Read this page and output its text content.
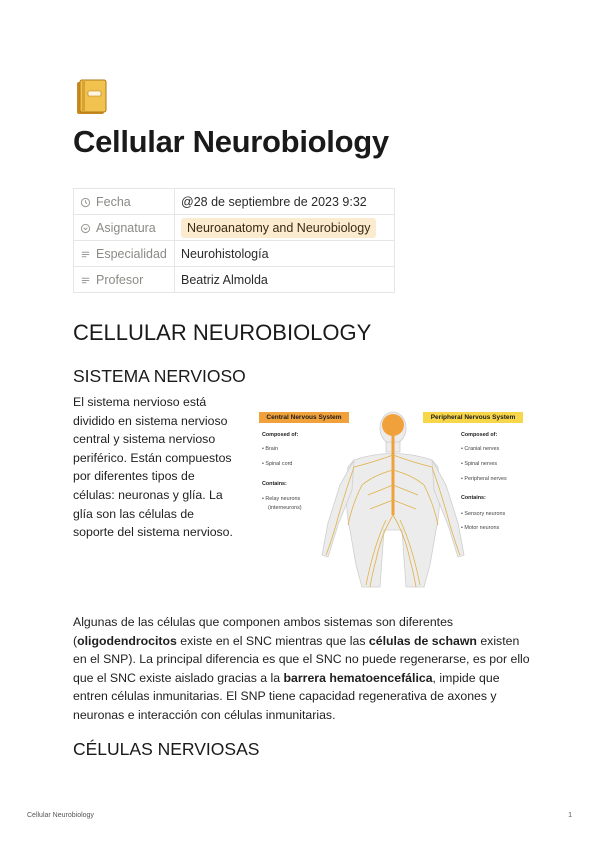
Cellular Neurobiology
Fecha	@28 de septiembre de 2023 9:32
Asignatura	Neuroanatomy and Neurobiology
Especialidad	Neurohistología
Profesor	Beatriz Almolda
CELLULAR NEUROBIOLOGY
SISTEMA NERVIOSO

El sistema nervioso está dividido en sistema nervioso central y sistema nervioso periférico. Están compuestos por diferentes tipos de células: neuronas y glía. La glía son las células de soporte del sistema nervioso.

Central Nervous System
Composed of:
• Brain
• Spinal cord
Contains:
• Relay neurons
(interneurons)
Peripheral Nervous System
Composed of:
• Cranial nerves
• Spinal nerves
• Peripheral nerves
Contains:
• Sensory neurons
• Motor neurons

Algunas de las células que componen ambos sistemas son diferentes (oligodendrocitos existe en el SNC mientras que las células de schawn existen en el SNP). La principal diferencia es que el SNC no puede regenerarse, es por ello que el SNC existe aislado gracias a la barrera hematoencefálica, impide que entren células inmunitarias. El SNP tiene capacidad regenerativa de axones y neuronas e interacción con células inmunitarias.

CÉLULAS NERVIOSAS
Cellular Neurobiology	1
